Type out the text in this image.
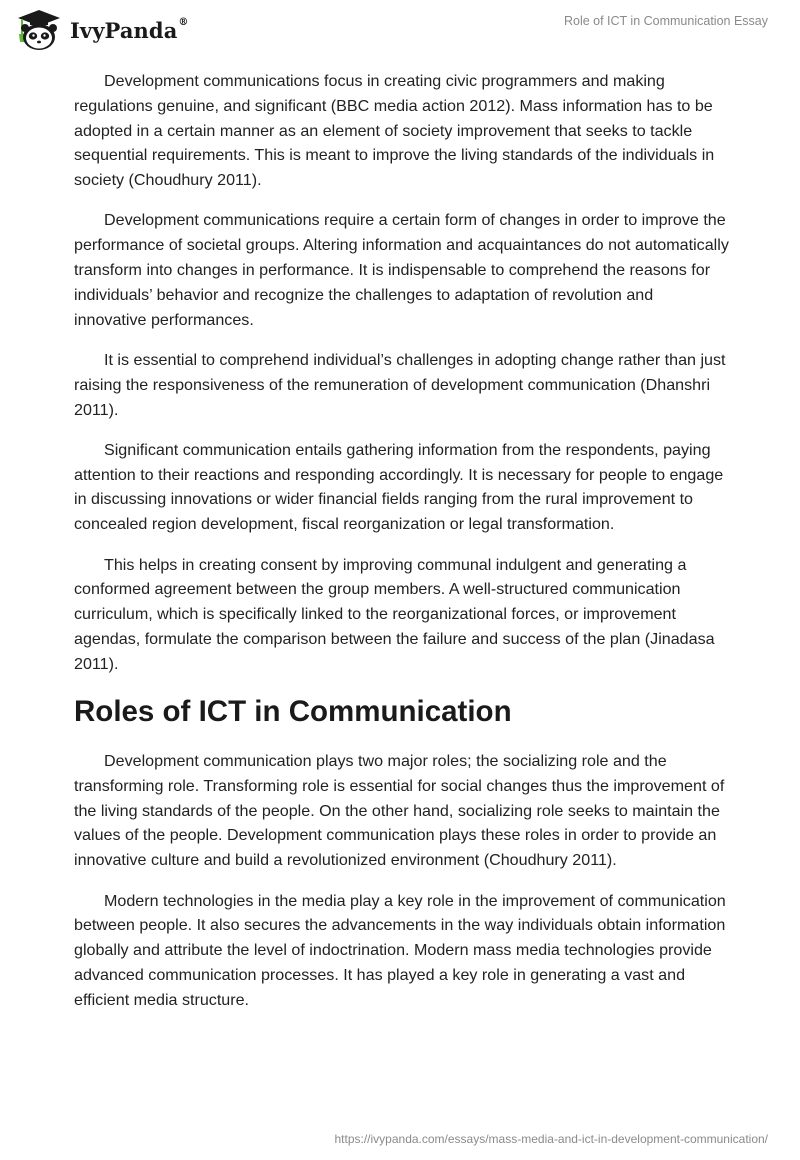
IvyPanda®	Role of ICT in Communication Essay

Development communications focus in creating civic programmers and making regulations genuine, and significant (BBC media action 2012). Mass information has to be adopted in a certain manner as an element of society improvement that seeks to tackle sequential requirements. This is meant to improve the living standards of the individuals in society (Choudhury 2011).

Development communications require a certain form of changes in order to improve the performance of societal groups. Altering information and acquaintances do not automatically transform into changes in performance. It is indispensable to comprehend the reasons for individuals’ behavior and recognize the challenges to adaptation of revolution and innovative performances.

It is essential to comprehend individual’s challenges in adopting change rather than just raising the responsiveness of the remuneration of development communication (Dhanshri 2011).

Significant communication entails gathering information from the respondents, paying attention to their reactions and responding accordingly. It is necessary for people to engage in discussing innovations or wider financial fields ranging from the rural improvement to concealed region development, fiscal reorganization or legal transformation.

This helps in creating consent by improving communal indulgent and generating a conformed agreement between the group members. A well-structured communication curriculum, which is specifically linked to the reorganizational forces, or improvement agendas, formulate the comparison between the failure and success of the plan (Jinadasa 2011).

Roles of ICT in Communication

Development communication plays two major roles; the socializing role and the transforming role. Transforming role is essential for social changes thus the improvement of the living standards of the people. On the other hand, socializing role seeks to maintain the values of the people. Development communication plays these roles in order to provide an innovative culture and build a revolutionized environment (Choudhury 2011).

Modern technologies in the media play a key role in the improvement of communication between people. It also secures the advancements in the way individuals obtain information globally and attribute the level of indoctrination. Modern mass media technologies provide advanced communication processes. It has played a key role in generating a vast and efficient media structure.

https://ivypanda.com/essays/mass-media-and-ict-in-development-communication/
